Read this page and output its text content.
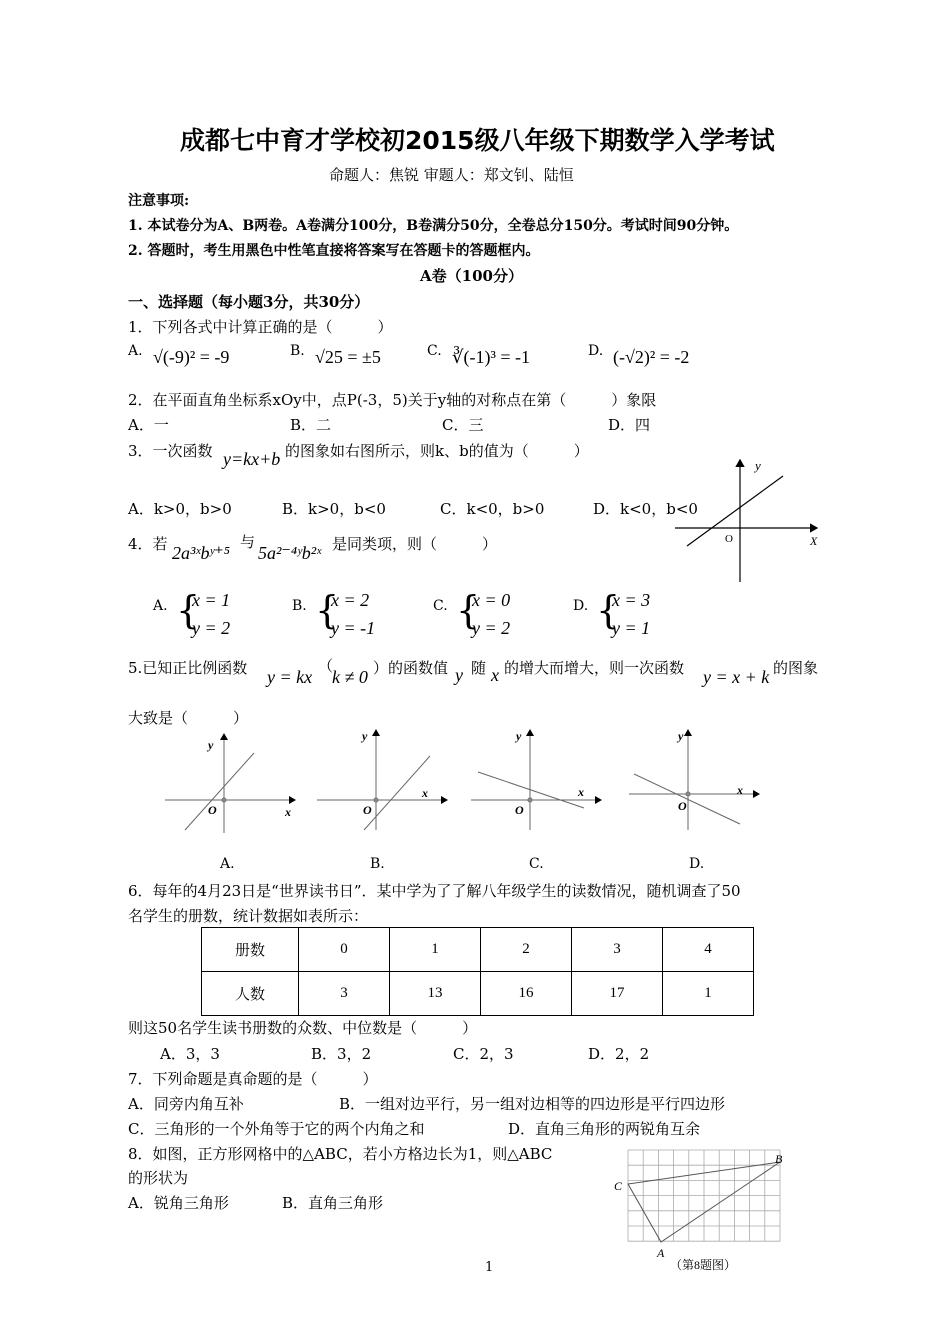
成都七中育才学校初2015级八年级下期数学入学考试
命题人：焦锐 审题人：郑文钊、陆恒
注意事项:
1. 本试卷分为A、B两卷。A卷满分100分，B卷满分50分，全卷总分150分。考试时间90分钟。
2. 答题时，考生用黑色中性笔直接将答案写在答题卡的答题框内。
A卷（100分）
一、选择题（每小题3分，共30分）
1．下列各式中计算正确的是（　　　）
A. √(-9)² = -9	B. √25 = ±5	C. ∛(-1)³ = -1	D. (-√2)² = -2
2．在平面直角坐标系xOy中，点P(-3，5)关于y轴的对称点在第（　　　）象限
A．一	B．二	C．三	D．四
3．一次函数 y=kx+b 的图象如右图所示，则k、b的值为（　　　）
A．k>0，b>0	B．k>0，b<0	C．k<0，b>0	D．k<0，b<0
y
X
O
4．若 2a³ˣbʸ⁺⁵
与
5a²⁻⁴ʸb²ˣ 是同类项，则（　　　）
A. {
x = 1
y = 2
B. {
x = 2
y = -1
C. {
x = 0
y = 2
D. {
x = 3
y = 1
5.已知正比例函数 y = kx
（
k ≠ 0 ）的函数值 y 随 x 的增大而增大，则一次函数 y = x + k 的图象
大致是（　　　）
y
x
O
y
x
O
y
x
O
y
x
O
A.	B.	C.	D.
6．每年的4月23日是“世界读书日”．某中学为了了解八年级学生的读数情况，随机调查了50
名学生的册数，统计数据如表所示：
册数	0	1	2	3	4
人数	3	13	16	17	1
则这50名学生读书册数的众数、中位数是（　　　）
A．3，3	B．3，2	C．2，3	D．2，2
7．下列命题是真命题的是（　　　）
A．同旁内角互补	B．一组对边平行，另一组对边相等的四边形是平行四边形
C．三角形的一个外角等于它的两个内角之和	D．直角三角形的两锐角互余
8．如图，正方形网格中的△ABC，若小方格边长为1，则△ABC
的形状为
A．锐角三角形	B．直角三角形
C
B
A
（第8题图）
1
